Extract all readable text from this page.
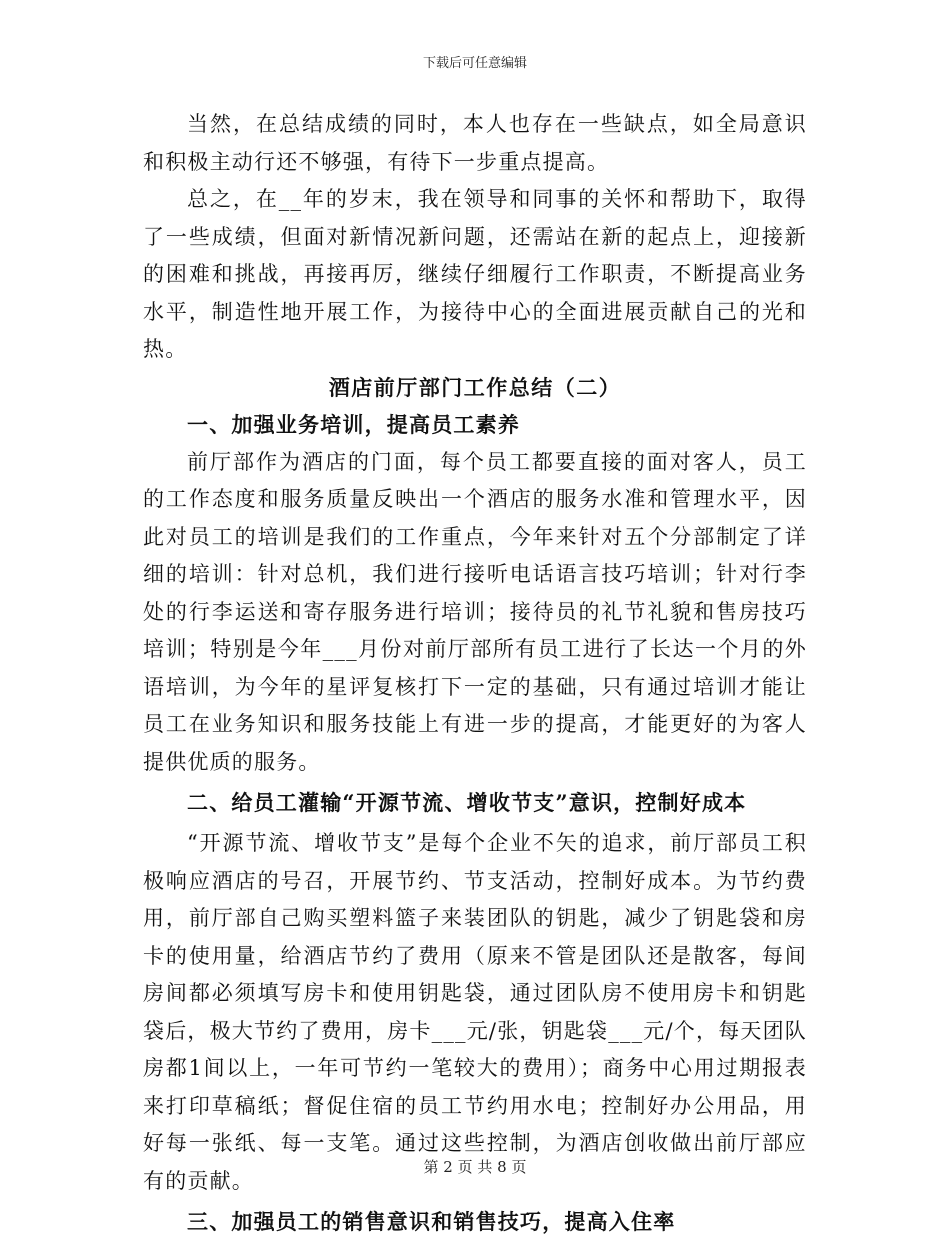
下载后可任意编辑

当然，在总结成绩的同时，本人也存在一些缺点，如全局意识和积极主动行还不够强，有待下一步重点提高。

总之，在__年的岁末，我在领导和同事的关怀和帮助下，取得了一些成绩，但面对新情况新问题，还需站在新的起点上，迎接新的困难和挑战，再接再厉，继续仔细履行工作职责，不断提高业务水平，制造性地开展工作，为接待中心的全面进展贡献自己的光和热。

酒店前厅部门工作总结（二）

一、加强业务培训，提高员工素养

前厅部作为酒店的门面，每个员工都要直接的面对客人，员工的工作态度和服务质量反映出一个酒店的服务水准和管理水平，因此对员工的培训是我们的工作重点，今年来针对五个分部制定了详细的培训：针对总机，我们进行接听电话语言技巧培训；针对行李处的行李运送和寄存服务进行培训；接待员的礼节礼貌和售房技巧培训；特别是今年___月份对前厅部所有员工进行了长达一个月的外语培训，为今年的星评复核打下一定的基础，只有通过培训才能让员工在业务知识和服务技能上有进一步的提高，才能更好的为客人提供优质的服务。

二、给员工灌输“开源节流、增收节支”意识，控制好成本

“开源节流、增收节支”是每个企业不矢的追求，前厅部员工积极响应酒店的号召，开展节约、节支活动，控制好成本。为节约费用，前厅部自己购买塑料篮子来装团队的钥匙，减少了钥匙袋和房卡的使用量，给酒店节约了费用（原来不管是团队还是散客，每间房间都必须填写房卡和使用钥匙袋，通过团队房不使用房卡和钥匙袋后，极大节约了费用，房卡___元/张，钥匙袋___元/个，每天团队房都1间以上，一年可节约一笔较大的费用）；商务中心用过期报表来打印草稿纸；督促住宿的员工节约用水电；控制好办公用品，用好每一张纸、每一支笔。通过这些控制，为酒店创收做出前厅部应有的贡献。

三、加强员工的销售意识和销售技巧，提高入住率

第 2 页 共 8 页
